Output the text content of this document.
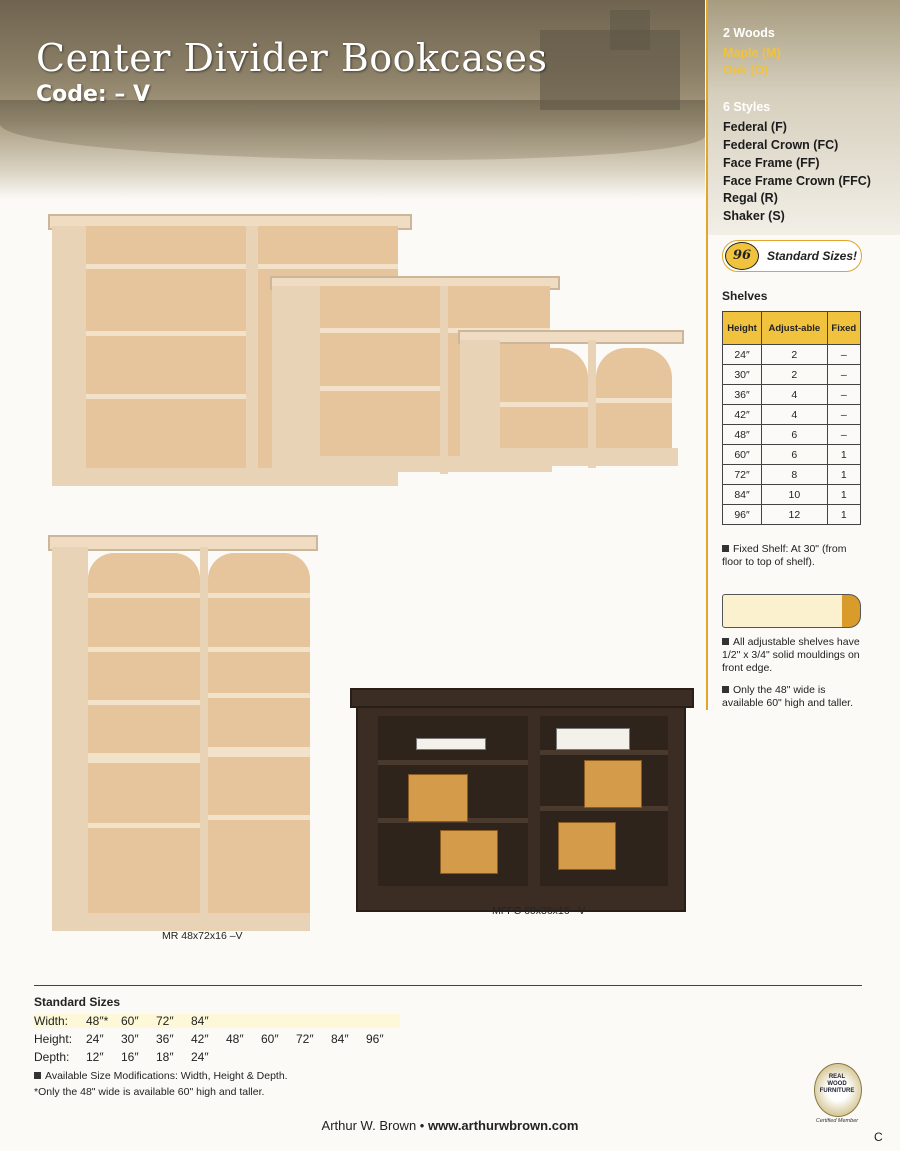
Center Divider Bookcases
Code: – V
2 Woods
Maple (M)
Oak (O)
6 Styles
Federal (F)
Federal Crown (FC)
Face Frame (FF)
Face Frame Crown (FFC)
Regal (R)
Shaker (S)
96	Standard Sizes!
Shelves
Height	Adjust-able	Fixed
24″	2	–
30″	2	–
36″	4	–
42″	4	–
48″	6	–
60″	6	1
72″	8	1
84″	10	1
96″	12	1
Fixed Shelf: At 30" (from floor to top of shelf).
All adjustable shelves have 1/2" x 3/4" solid mouldings on front edge.
Only the 48" wide is available 60" high and taller.
MR 48x72x16 –V
MFFC 60x36x16 –V
Standard Sizes
Width: 48″* 60″ 72″ 84″
Height: 24″ 30″ 36″ 42″ 48″ 60″ 72″ 84″ 96″
Depth: 12″ 16″ 18″ 24″
Available Size Modifications: Width, Height & Depth.
*Only the 48" wide is available 60" high and taller.
REAL
WOOD
FURNITURE
Certified Member
Arthur W. Brown • www.arthurwbrown.com
C
